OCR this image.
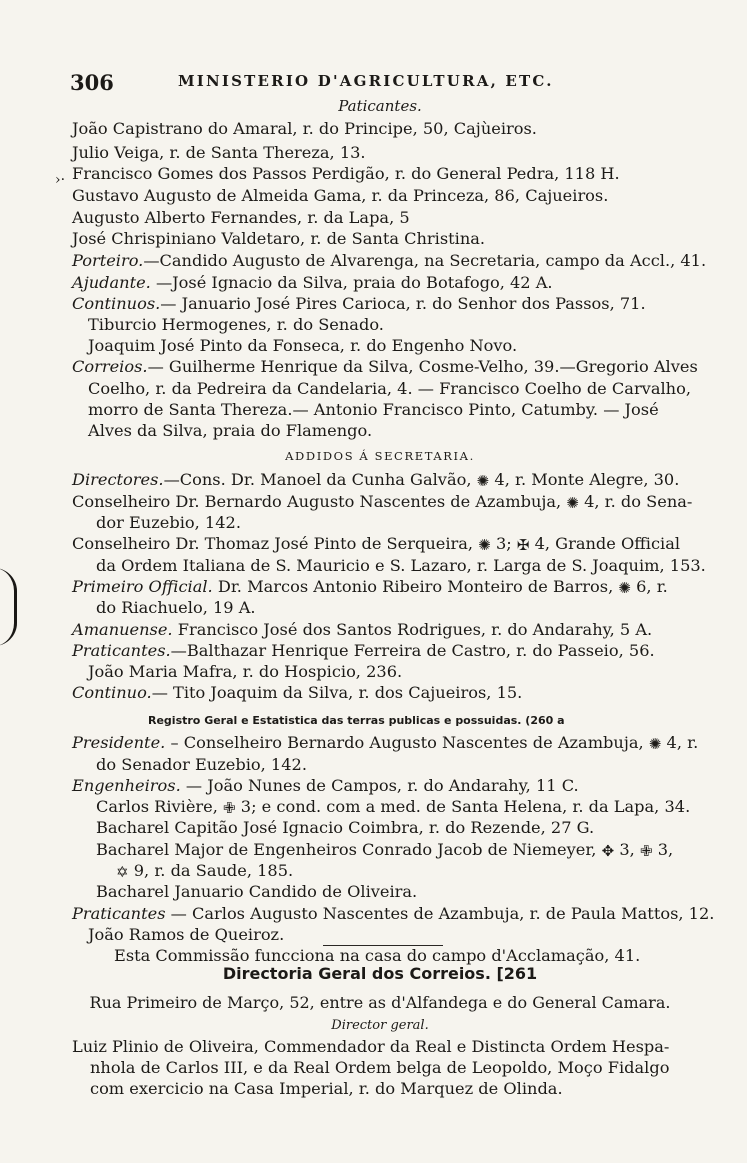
306	MINISTERIO D'AGRICULTURA, ETC.
Paticantes.
João Capistrano do Amaral, r. do Principe, 50, Cajùeiros.
Julio Veiga, r. de Santa Thereza, 13.
›· Francisco Gomes dos Passos Perdigão, r. do General Pedra, 118 H.
Gustavo Augusto de Almeida Gama, r. da Princeza, 86, Cajueiros.
Augusto Alberto Fernandes, r. da Lapa, 5
José Chrispiniano Valdetaro, r. de Santa Christina.
Porteiro.—Candido Augusto de Alvarenga, na Secretaria, campo da Accl., 41.
Ajudante. —José Ignacio da Silva, praia do Botafogo, 42 A.
Continuos.— Januario José Pires Carioca, r. do Senhor dos Passos, 71.
Tiburcio Hermogenes, r. do Senado.
Joaquim José Pinto da Fonseca, r. do Engenho Novo.
Correios.— Guilherme Henrique da Silva, Cosme-Velho, 39.—Gregorio Alves
Coelho, r. da Pedreira da Candelaria, 4. — Francisco Coelho de Carvalho,
morro de Santa Thereza.— Antonio Francisco Pinto, Catumby. — José
Alves da Silva, praia do Flamengo.
ADDIDOS Á SECRETARIA.
Directores.—Cons. Dr. Manoel da Cunha Galvão, ✺ 4, r. Monte Alegre, 30.
Conselheiro Dr. Bernardo Augusto Nascentes de Azambuja, ✺ 4, r. do Sena-
dor Euzebio, 142.
Conselheiro Dr. Thomaz José Pinto de Serqueira, ✺ 3; ✠ 4, Grande Official
da Ordem Italiana de S. Mauricio e S. Lazaro, r. Larga de S. Joaquim, 153.
Primeiro Official. Dr. Marcos Antonio Ribeiro Monteiro de Barros, ✺ 6, r.
do Riachuelo, 19 A.
Amanuense. Francisco José dos Santos Rodrigues, r. do Andarahy, 5 A.
Praticantes.—Balthazar Henrique Ferreira de Castro, r. do Passeio, 56.
João Maria Mafra, r. do Hospicio, 236.
Continuo.— Tito Joaquim da Silva, r. dos Cajueiros, 15.
Registro Geral e Estatistica das terras publicas e possuidas. (260 a
Presidente. – Conselheiro Bernardo Augusto Nascentes de Azambuja, ✺ 4, r.
do Senador Euzebio, 142.
Engenheiros. — João Nunes de Campos, r. do Andarahy, 11 C.
Carlos Rivière, ✙ 3; e cond. com a med. de Santa Helena, r. da Lapa, 34.
Bacharel Capitão José Ignacio Coimbra, r. do Rezende, 27 G.
Bacharel Major de Engenheiros Conrado Jacob de Niemeyer, ✥ 3, ✙ 3,
✡ 9, r. da Saude, 185.
Bacharel Januario Candido de Oliveira.
Praticantes — Carlos Augusto Nascentes de Azambuja, r. de Paula Mattos, 12.
João Ramos de Queiroz.
Esta Commissão funcciona na casa do campo d'Acclamação, 41.
Directoria Geral dos Correios. [261
Rua Primeiro de Março, 52, entre as d'Alfandega e do General Camara.
Director geral.
Luiz Plinio de Oliveira, Commendador da Real e Distincta Ordem Hespa-
nhola de Carlos III, e da Real Ordem belga de Leopoldo, Moço Fidalgo
com exercicio na Casa Imperial, r. do Marquez de Olinda.
